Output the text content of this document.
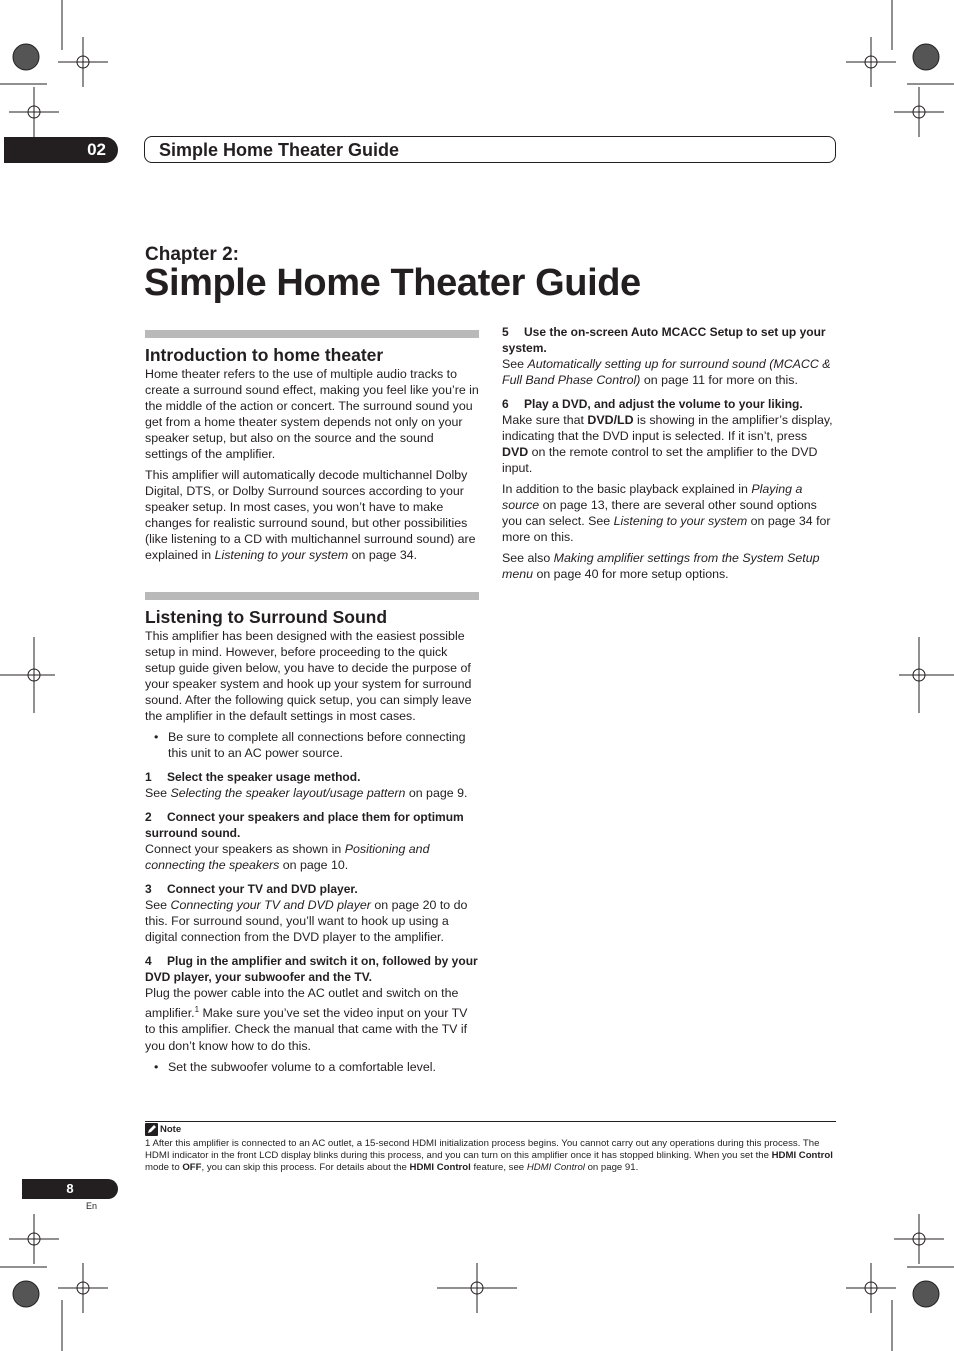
02	Simple Home Theater Guide
Chapter 2:
Simple Home Theater Guide
Introduction to home theater

Home theater refers to the use of multiple audio tracks to create a surround sound effect, making you feel like you’re in the middle of the action or concert. The surround sound you get from a home theater system depends not only on your speaker setup, but also on the source and the sound settings of the amplifier.

This amplifier will automatically decode multichannel Dolby Digital, DTS, or Dolby Surround sources according to your speaker setup. In most cases, you won’t have to make changes for realistic surround sound, but other possibilities (like listening to a CD with multichannel surround sound) are explained in Listening to your system on page 34.

Listening to Surround Sound

This amplifier has been designed with the easiest possible setup in mind. However, before proceeding to the quick setup guide given below, you have to decide the purpose of your speaker system and hook up your system for surround sound. After the following quick setup, you can simply leave the amplifier in the default settings in most cases.

• Be sure to complete all connections before connecting this unit to an AC power source.
1 Select the speaker usage method.

See Selecting the speaker layout/usage pattern on page 9.

2 Connect your speakers and place them for optimum surround sound.

Connect your speakers as shown in Positioning and connecting the speakers on page 10.

3 Connect your TV and DVD player.

See Connecting your TV and DVD player on page 20 to do this. For surround sound, you’ll want to hook up using a digital connection from the DVD player to the amplifier.

4 Plug in the amplifier and switch it on, followed by your DVD player, your subwoofer and the TV.

Plug the power cable into the AC outlet and switch on the amplifier.$^1$ Make sure you’ve set the video input on your TV to this amplifier. Check the manual that came with the TV if you don’t know how to do this.

• Set the subwoofer volume to a comfortable level.
5 Use the on-screen Auto MCACC Setup to set up your system.

See Automatically setting up for surround sound (MCACC & Full Band Phase Control) on page 11 for more on this.

6 Play a DVD, and adjust the volume to your liking.

Make sure that DVD/LD is showing in the amplifier’s display, indicating that the DVD input is selected. If it isn’t, press DVD on the remote control to set the amplifier to the DVD input.

In addition to the basic playback explained in Playing a source on page 13, there are several other sound options you can select. See Listening to your system on page 34 for more on this.

See also Making amplifier settings from the System Setup menu on page 40 for more setup options.

Note
1 After this amplifier is connected to an AC outlet, a 15-second HDMI initialization process begins. You cannot carry out any operations during this process. The HDMI indicator in the front LCD display blinks during this process, and you can turn on this amplifier once it has stopped blinking. When you set the HDMI Control mode to OFF, you can skip this process. For details about the HDMI Control feature, see HDMI Control on page 91.
8
En
